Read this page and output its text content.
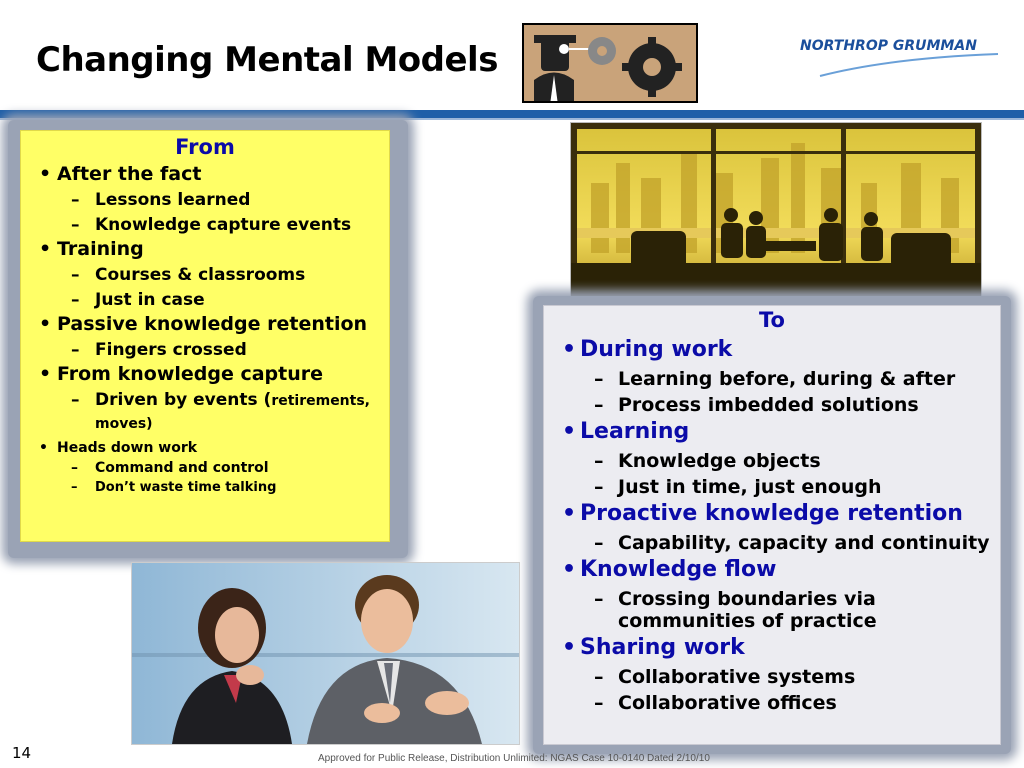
Changing Mental Models	NORTHROP GRUMMAN
From
• After the fact
– Lessons learned
– Knowledge capture events
• Training
– Courses & classrooms
– Just in case
• Passive knowledge retention
– Fingers crossed
• From knowledge capture
– Driven by events (retirements, moves)
• Heads down work
– Command and control
– Don’t waste time talking
To
• During work
– Learning before, during & after
– Process imbedded solutions
• Learning
– Knowledge objects
– Just in time, just enough
• Proactive knowledge retention
– Capability, capacity and continuity
• Knowledge flow
– Crossing boundaries via communities of practice
• Sharing work
– Collaborative systems
– Collaborative offices
14	Approved for Public Release, Distribution Unlimited: NGAS Case 10-0140 Dated 2/10/10
